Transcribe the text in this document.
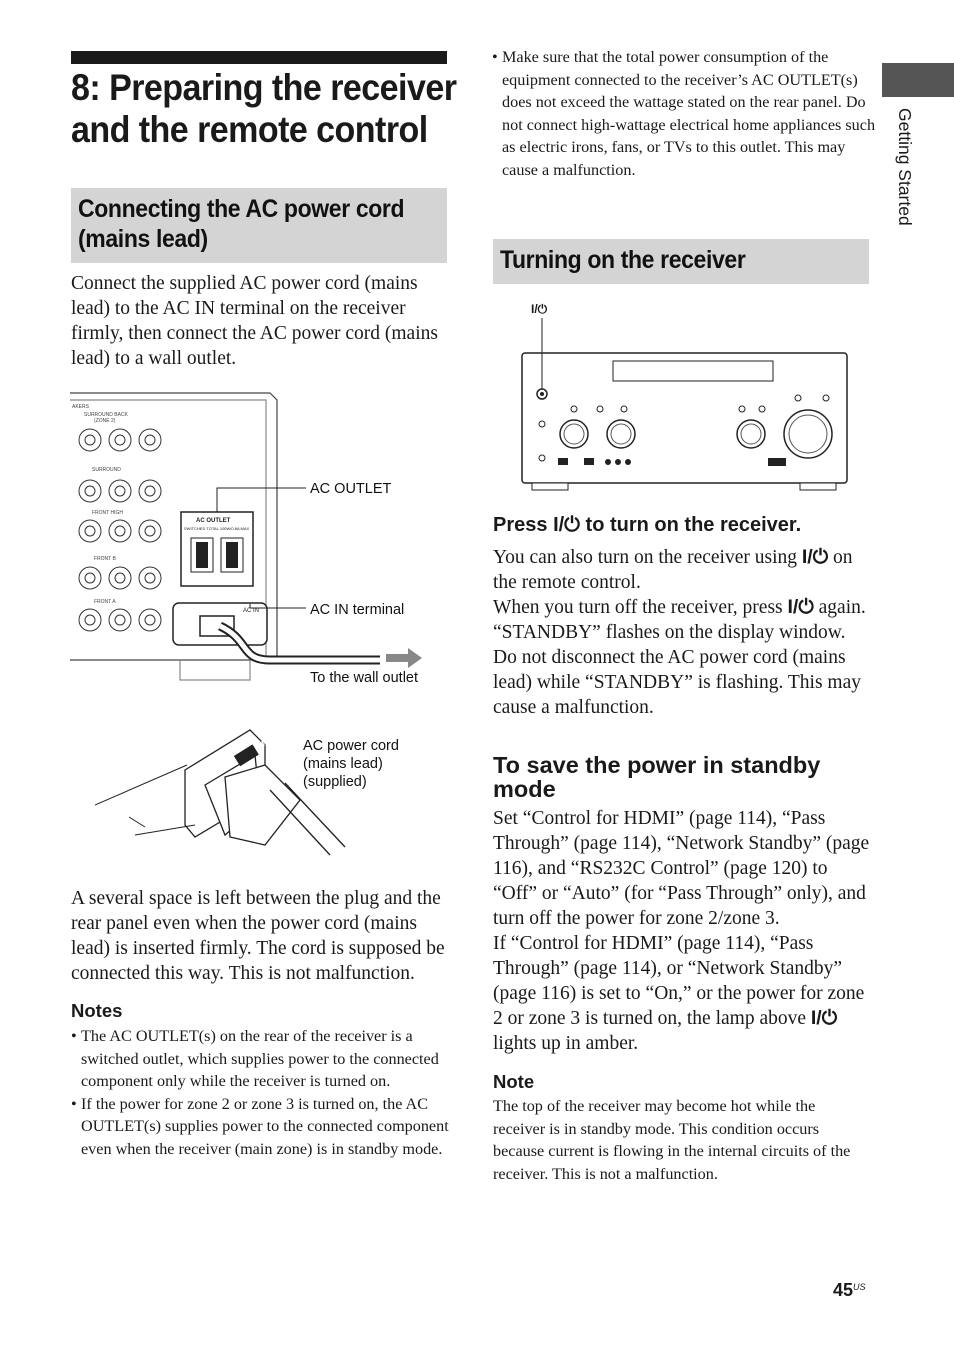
8: Preparing the receiver
and the remote control	Getting Started
Connecting the AC power cord
(mains lead)
Connect the supplied AC power cord (mains lead) to the AC IN terminal on the receiver firmly, then connect the AC power cord (mains lead) to a wall outlet.
AKERS
SURROUND BACK
(ZONE 2)
SURROUND
FRONT HIGH
FRONT B
FRONT A
AC OUTLET
SWITCHED TOTAL 100W/0.8A MAX
AC IN
AC OUTLET
AC IN terminal
To the wall outlet
IN	AC power cord
(mains lead)
(supplied)
A several space is left between the plug and the rear panel even when the power cord (mains lead) is inserted firmly. The cord is supposed be connected this way. This is not malfunction.
Notes
• The AC OUTLET(s) on the rear of the receiver is a switched outlet, which supplies power to the connected component only while the receiver is turned on.
• If the power for zone 2 or zone 3 is turned on, the AC OUTLET(s) supplies power to the connected component even when the receiver (main zone) is in standby mode.
• Make sure that the total power consumption of the equipment connected to the receiver’s AC OUTLET(s) does not exceed the wattage stated on the rear panel. Do not connect high-wattage electrical home appliances such as electric irons, fans, or TVs to this outlet. This may cause a malfunction.
Turning on the receiver
I/⏻
Press I/⏻ to turn on the receiver.
You can also turn on the receiver using I/⏻ on the remote control.
When you turn off the receiver, press I/⏻ again. “STANDBY” flashes on the display window. Do not disconnect the AC power cord (mains lead) while “STANDBY” is flashing. This may cause a malfunction.
To save the power in standby
mode
Set “Control for HDMI” (page 114), “Pass Through” (page 114), “Network Standby” (page 116), and “RS232C Control” (page 120) to “Off” or “Auto” (for “Pass Through” only), and turn off the power for zone 2/zone 3.
If “Control for HDMI” (page 114), “Pass Through” (page 114), or “Network Standby” (page 116) is set to “On,” or the power for zone 2 or zone 3 is turned on, the lamp above I/⏻ lights up in amber.
Note
The top of the receiver may become hot while the receiver is in standby mode. This condition occurs because current is flowing in the internal circuits of the receiver. This is not a malfunction.
$45^{US}$
